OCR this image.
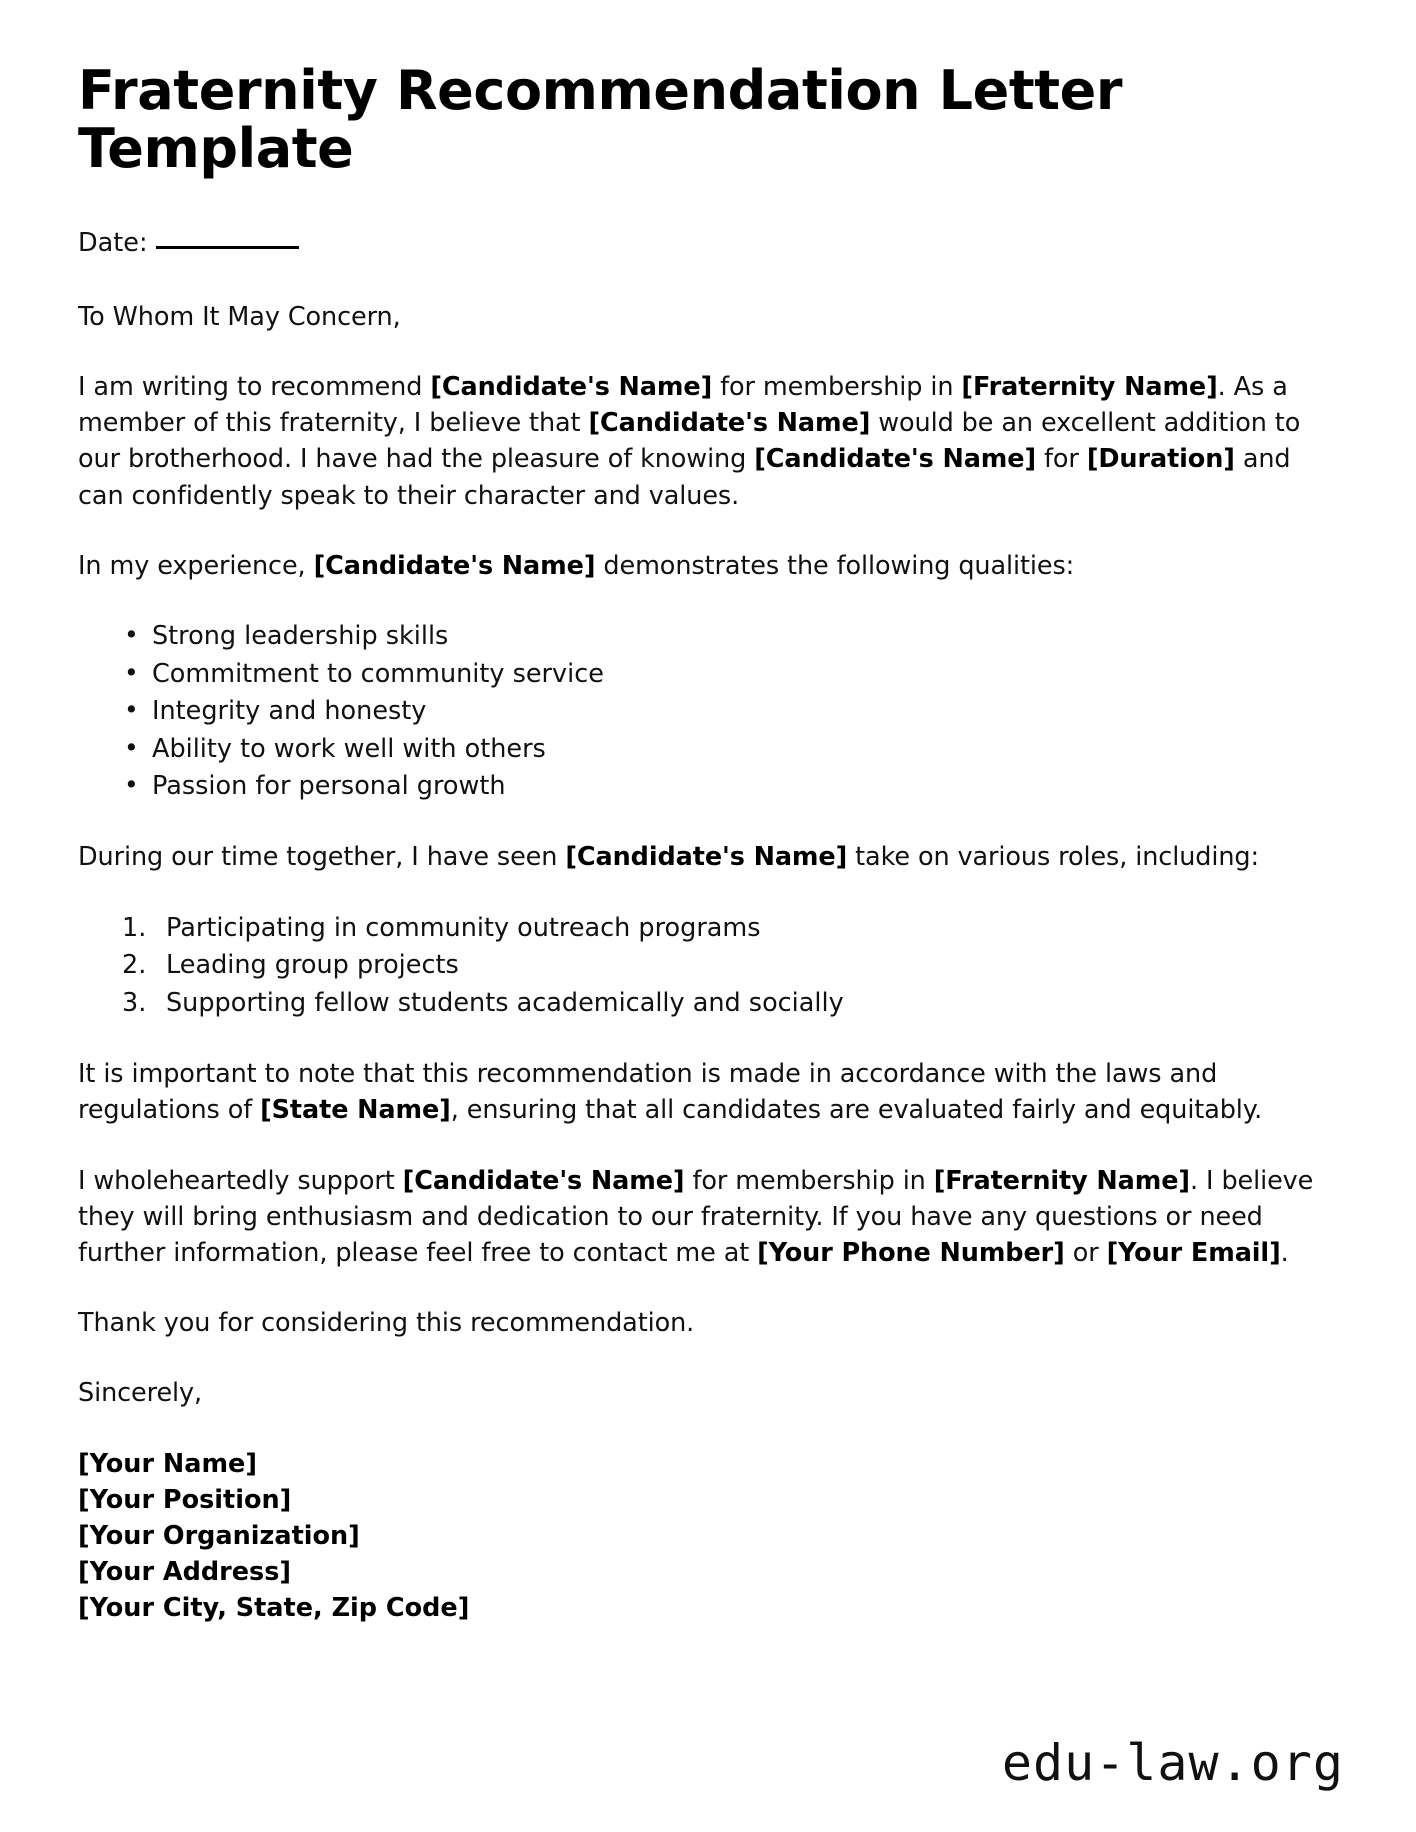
Fraternity Recommendation Letter Template
Date:

To Whom It May Concern,

I am writing to recommend [Candidate's Name] for membership in [Fraternity Name]. As a member of this fraternity, I believe that [Candidate's Name] would be an excellent addition to our brotherhood. I have had the pleasure of knowing [Candidate's Name] for [Duration] and can confidently speak to their character and values.

In my experience, [Candidate's Name] demonstrates the following qualities:

• Strong leadership skills
• Commitment to community service
• Integrity and honesty
• Ability to work well with others
• Passion for personal growth

During our time together, I have seen [Candidate's Name] take on various roles, including:

Participating in community outreach programs
Leading group projects
Supporting fellow students academically and socially

It is important to note that this recommendation is made in accordance with the laws and regulations of [State Name], ensuring that all candidates are evaluated fairly and equitably.

I wholeheartedly support [Candidate's Name] for membership in [Fraternity Name]. I believe they will bring enthusiasm and dedication to our fraternity. If you have any questions or need further information, please feel free to contact me at [Your Phone Number] or [Your Email].

Thank you for considering this recommendation.

Sincerely,

[Your Name]
[Your Position]
[Your Organization]
[Your Address]
[Your City, State, Zip Code]
edu-law.org
